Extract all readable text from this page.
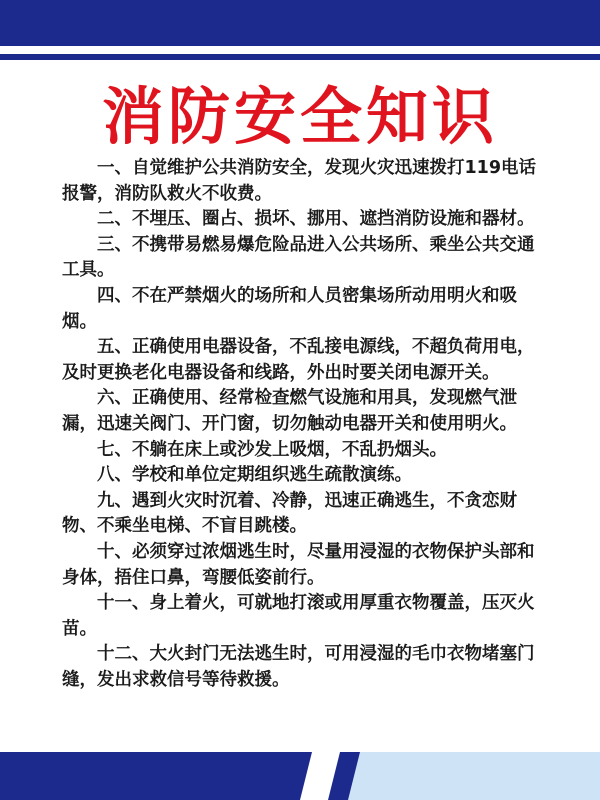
消防安全知识

一、自觉维护公共消防安全，发现火灾迅速拨打119电话报警，消防队救火不收费。

二、不埋压、圈占、损坏、挪用、遮挡消防设施和器材。

三、不携带易燃易爆危险品进入公共场所、乘坐公共交通工具。

四、不在严禁烟火的场所和人员密集场所动用明火和吸烟。

五、正确使用电器设备，不乱接电源线，不超负荷用电，及时更换老化电器设备和线路，外出时要关闭电源开关。

六、正确使用、经常检查燃气设施和用具，发现燃气泄漏，迅速关阀门、开门窗，切勿触动电器开关和使用明火。

七、不躺在床上或沙发上吸烟，不乱扔烟头。

八、学校和单位定期组织逃生疏散演练。

九、遇到火灾时沉着、冷静，迅速正确逃生，不贪恋财物、不乘坐电梯、不盲目跳楼。

十、必须穿过浓烟逃生时，尽量用浸湿的衣物保护头部和身体，捂住口鼻，弯腰低姿前行。

十一、身上着火，可就地打滚或用厚重衣物覆盖，压灭火苗。

十二、大火封门无法逃生时，可用浸湿的毛巾衣物堵塞门缝，发出求救信号等待救援。
